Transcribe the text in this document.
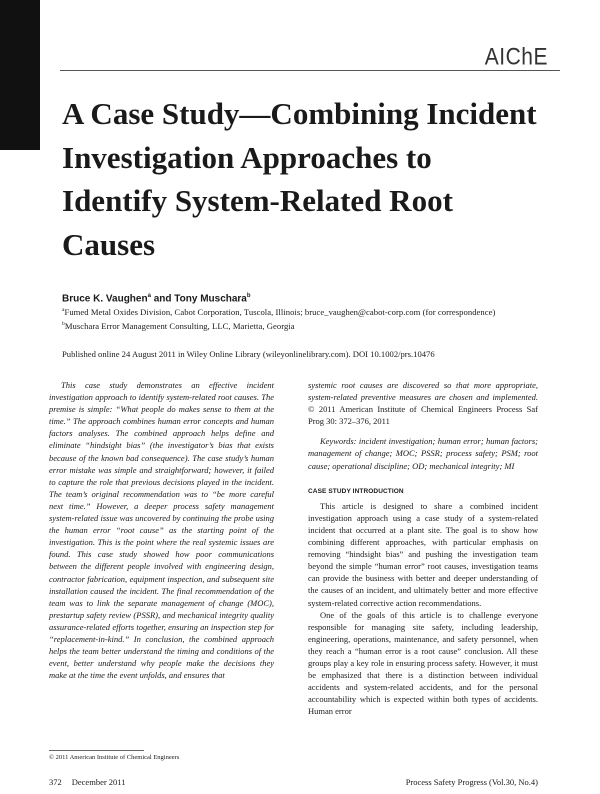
AIChE
A Case Study—Combining Incident Investigation Approaches to Identify System-Related Root Causes
Bruce K. Vaughen$^a$ and Tony Muschara$^b$
$^a$Fumed Metal Oxides Division, Cabot Corporation, Tuscola, Illinois; bruce_vaughen@cabot-corp.com (for correspondence)
$^b$Muschara Error Management Consulting, LLC, Marietta, Georgia
Published online 24 August 2011 in Wiley Online Library (wileyonlinelibrary.com). DOI 10.1002/prs.10476

This case study demonstrates an effective incident investigation approach to identify system-related root causes. The premise is simple: “What people do makes sense to them at the time.” The approach combines human error concepts and human factors analyses. The combined approach helps define and eliminate “hindsight bias” (the investigator’s bias that exists because of the known bad consequence). The case study’s human error mistake was simple and straightforward; however, it failed to capture the role that previous decisions played in the incident. The team’s original recommendation was to “be more careful next time.” However, a deeper process safety management system-related issue was uncovered by continuing the probe using the human error “root cause” as the starting point of the investigation. This is the point where the real systemic issues are found. This case study showed how poor communications between the different people involved with engineering design, contractor fabrication, equipment inspection, and subsequent site installation caused the incident. The final recommendation of the team was to link the separate management of change (MOC), prestartup safety review (PSSR), and mechanical integrity quality assurance-related efforts together, ensuring an inspection step for “replacement-in-kind.” In conclusion, the combined approach helps the team better understand the timing and conditions of the event, better understand why people make the decisions they make at the time the event unfolds, and ensures that

systemic root causes are discovered so that more appropriate, system-related preventive measures are chosen and implemented. © 2011 American Institute of Chemical Engineers Process Saf Prog 30: 372–376, 2011

Keywords: incident investigation; human error; human factors; management of change; MOC; PSSR; process safety; PSM; root cause; operational discipline; OD; mechanical integrity; MI

CASE STUDY INTRODUCTION

This article is designed to share a combined incident investigation approach using a case study of a system-related incident that occurred at a plant site. The goal is to show how combining different approaches, with particular emphasis on removing “hindsight bias” and pushing the investigation team beyond the simple “human error” root causes, investigation teams can provide the business with better and deeper understanding of the causes of an incident, and ultimately better and more effective system-related corrective action recommendations.

One of the goals of this article is to challenge everyone responsible for managing site safety, including leadership, engineering, operations, maintenance, and safety personnel, when they reach a “human error is a root cause” conclusion. All these groups play a key role in ensuring process safety. However, it must be emphasized that there is a distinction between individual accidents and system-related accidents, and for the personal accountability which is expected within both types of accidents. Human error

© 2011 American Institute of Chemical Engineers
372 December 2011	Process Safety Progress (Vol.30, No.4)
